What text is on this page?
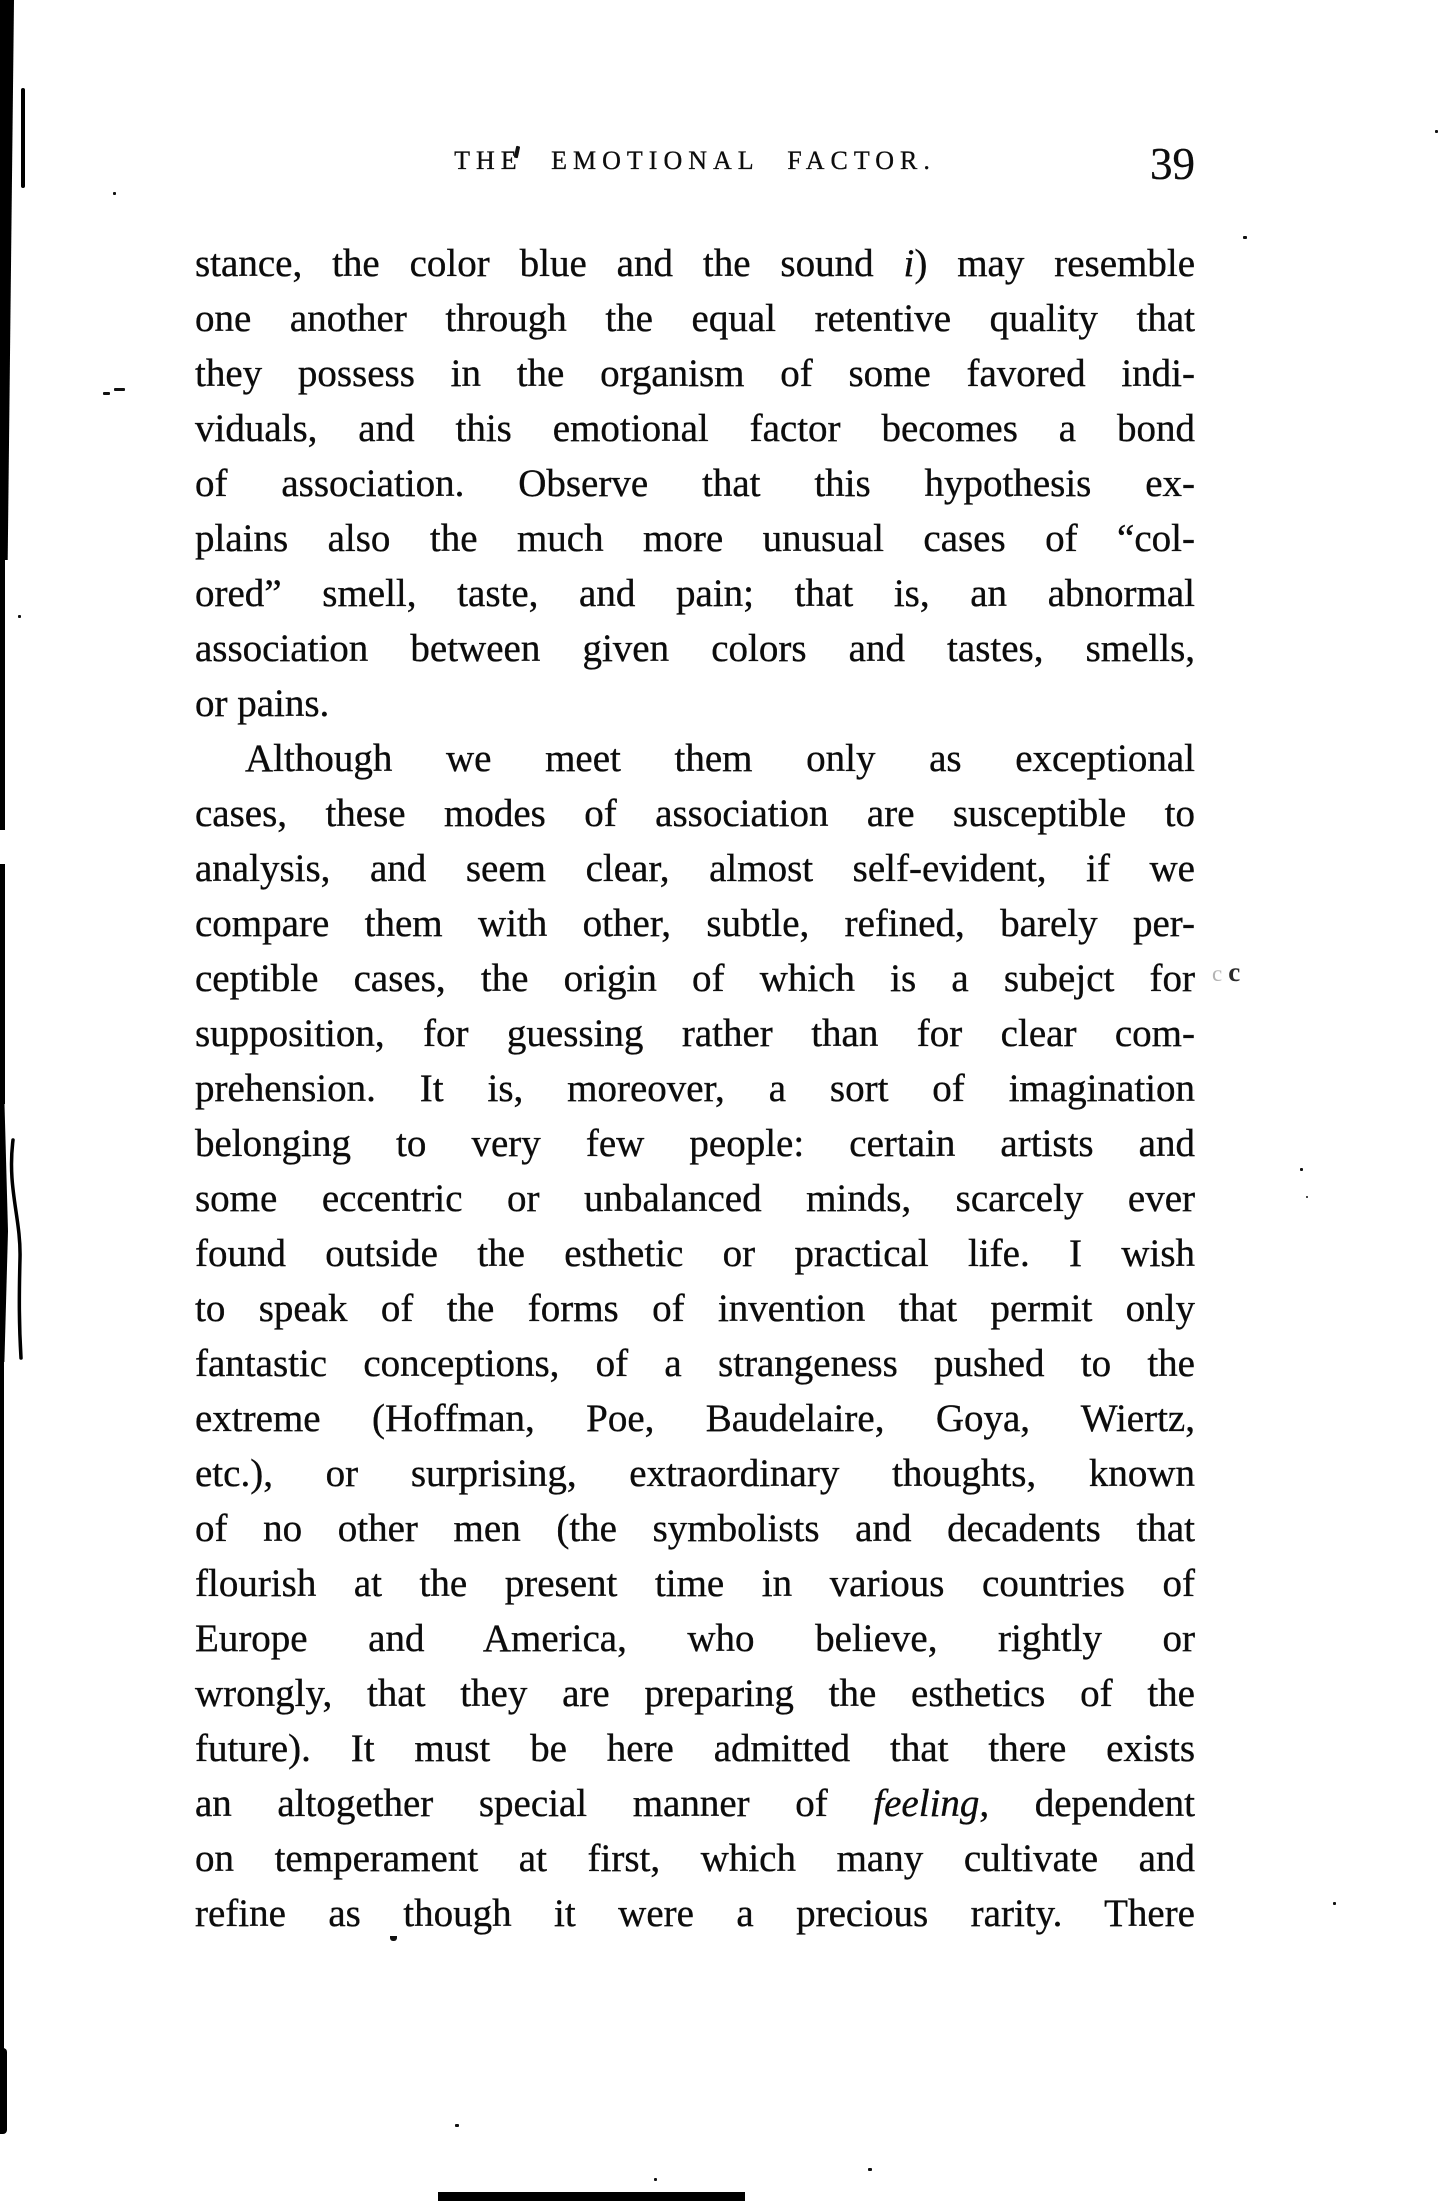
THE EMOTIONAL FACTOR.	39
stance, the color blue and the sound i) may resemble
one another through the equal retentive quality that
they possess in the organism of some favored indi-
viduals, and this emotional factor becomes a bond
of association. Observe that this hypothesis ex-
plains also the much more unusual cases of “col-
ored” smell, taste, and pain; that is, an abnormal
association between given colors and tastes, smells,
or pains.
Although we meet them only as exceptional
cases, these modes of association are susceptible to
analysis, and seem clear, almost self-evident, if we
compare them with other, subtle, refined, barely per-
ceptible cases, the origin of which is a subejct for
supposition, for guessing rather than for clear com-
prehension. It is, moreover, a sort of imagination
belonging to very few people: certain artists and
some eccentric or unbalanced minds, scarcely ever
found outside the esthetic or practical life. I wish
to speak of the forms of invention that permit only
fantastic conceptions, of a strangeness pushed to the
extreme (Hoffman, Poe, Baudelaire, Goya, Wiertz,
etc.), or surprising, extraordinary thoughts, known
of no other men (the symbolists and decadents that
flourish at the present time in various countries of
Europe and America, who believe, rightly or
wrongly, that they are preparing the esthetics of the
future). It must be here admitted that there exists
an altogether special manner of feeling, dependent
on temperament at first, which many cultivate and
refine as though it were a precious rarity. There
c c
